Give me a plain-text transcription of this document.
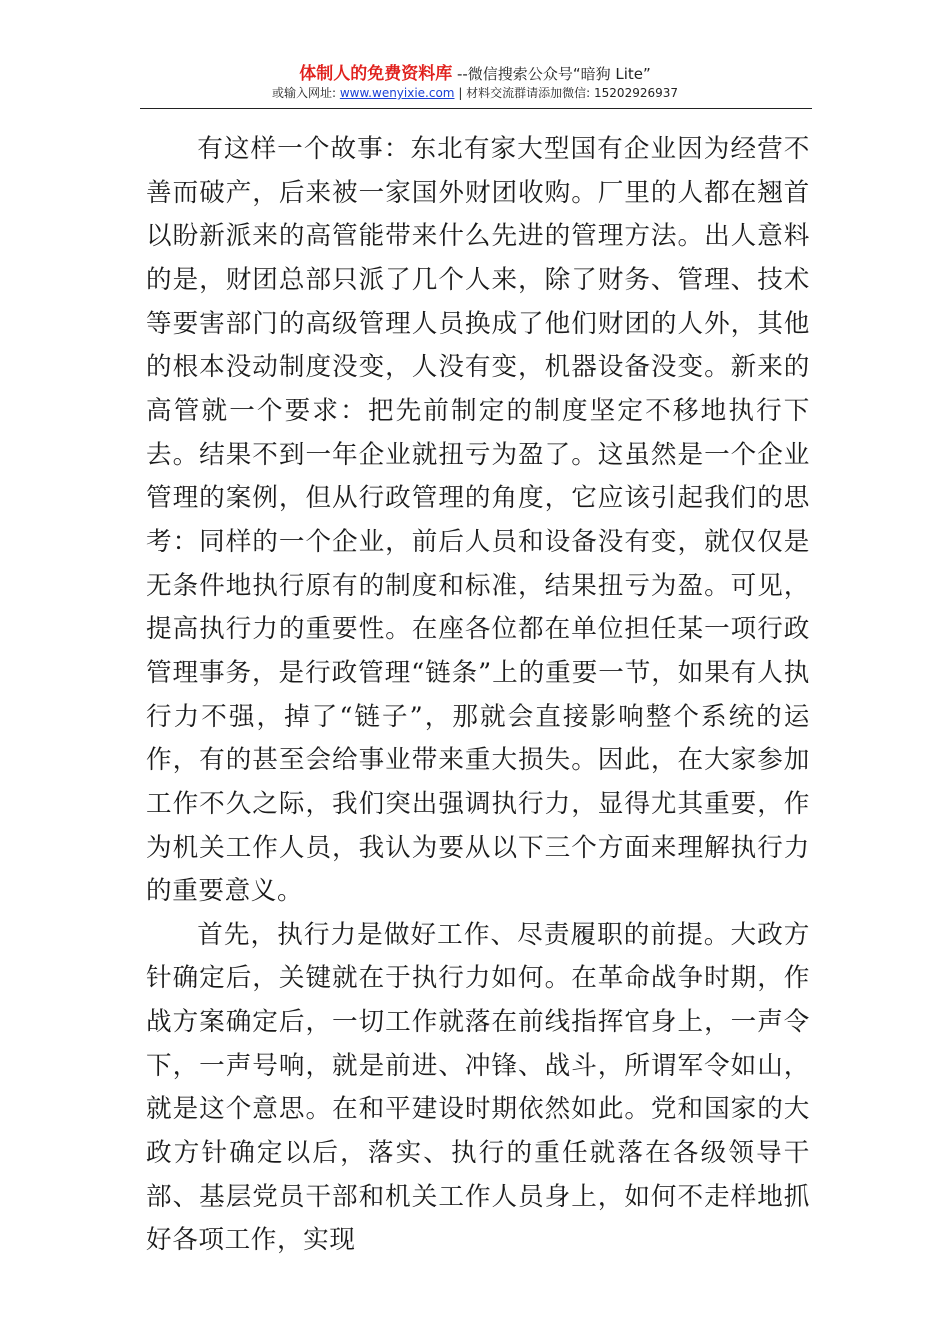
体制人的免费资料库 --微信搜索公众号“暗狗 Lite”
或输入网址: www.wenyixie.com | 材料交流群请添加微信: 15202926937

有这样一个故事：东北有家大型国有企业因为经营不善而破产，后来被一家国外财团收购。厂里的人都在翘首以盼新派来的高管能带来什么先进的管理方法。出人意料的是，财团总部只派了几个人来，除了财务、管理、技术等要害部门的高级管理人员换成了他们财团的人外，其他的根本没动制度没变，人没有变，机器设备没变。新来的高管就一个要求：把先前制定的制度坚定不移地执行下去。结果不到一年企业就扭亏为盈了。这虽然是一个企业管理的案例，但从行政管理的角度，它应该引起我们的思考：同样的一个企业，前后人员和设备没有变，就仅仅是无条件地执行原有的制度和标准，结果扭亏为盈。可见，提高执行力的重要性。在座各位都在单位担任某一项行政管理事务，是行政管理“链条”上的重要一节，如果有人执行力不强，掉了“链子”，那就会直接影响整个系统的运作，有的甚至会给事业带来重大损失。因此，在大家参加工作不久之际，我们突出强调执行力，显得尤其重要，作为机关工作人员，我认为要从以下三个方面来理解执行力的重要意义。

首先，执行力是做好工作、尽责履职的前提。大政方针确定后，关键就在于执行力如何。在革命战争时期，作战方案确定后，一切工作就落在前线指挥官身上，一声令下，一声号响，就是前进、冲锋、战斗，所谓军令如山，就是这个意思。在和平建设时期依然如此。党和国家的大政方针确定以后，落实、执行的重任就落在各级领导干部、基层党员干部和机关工作人员身上，如何不走样地抓好各项工作，实现
